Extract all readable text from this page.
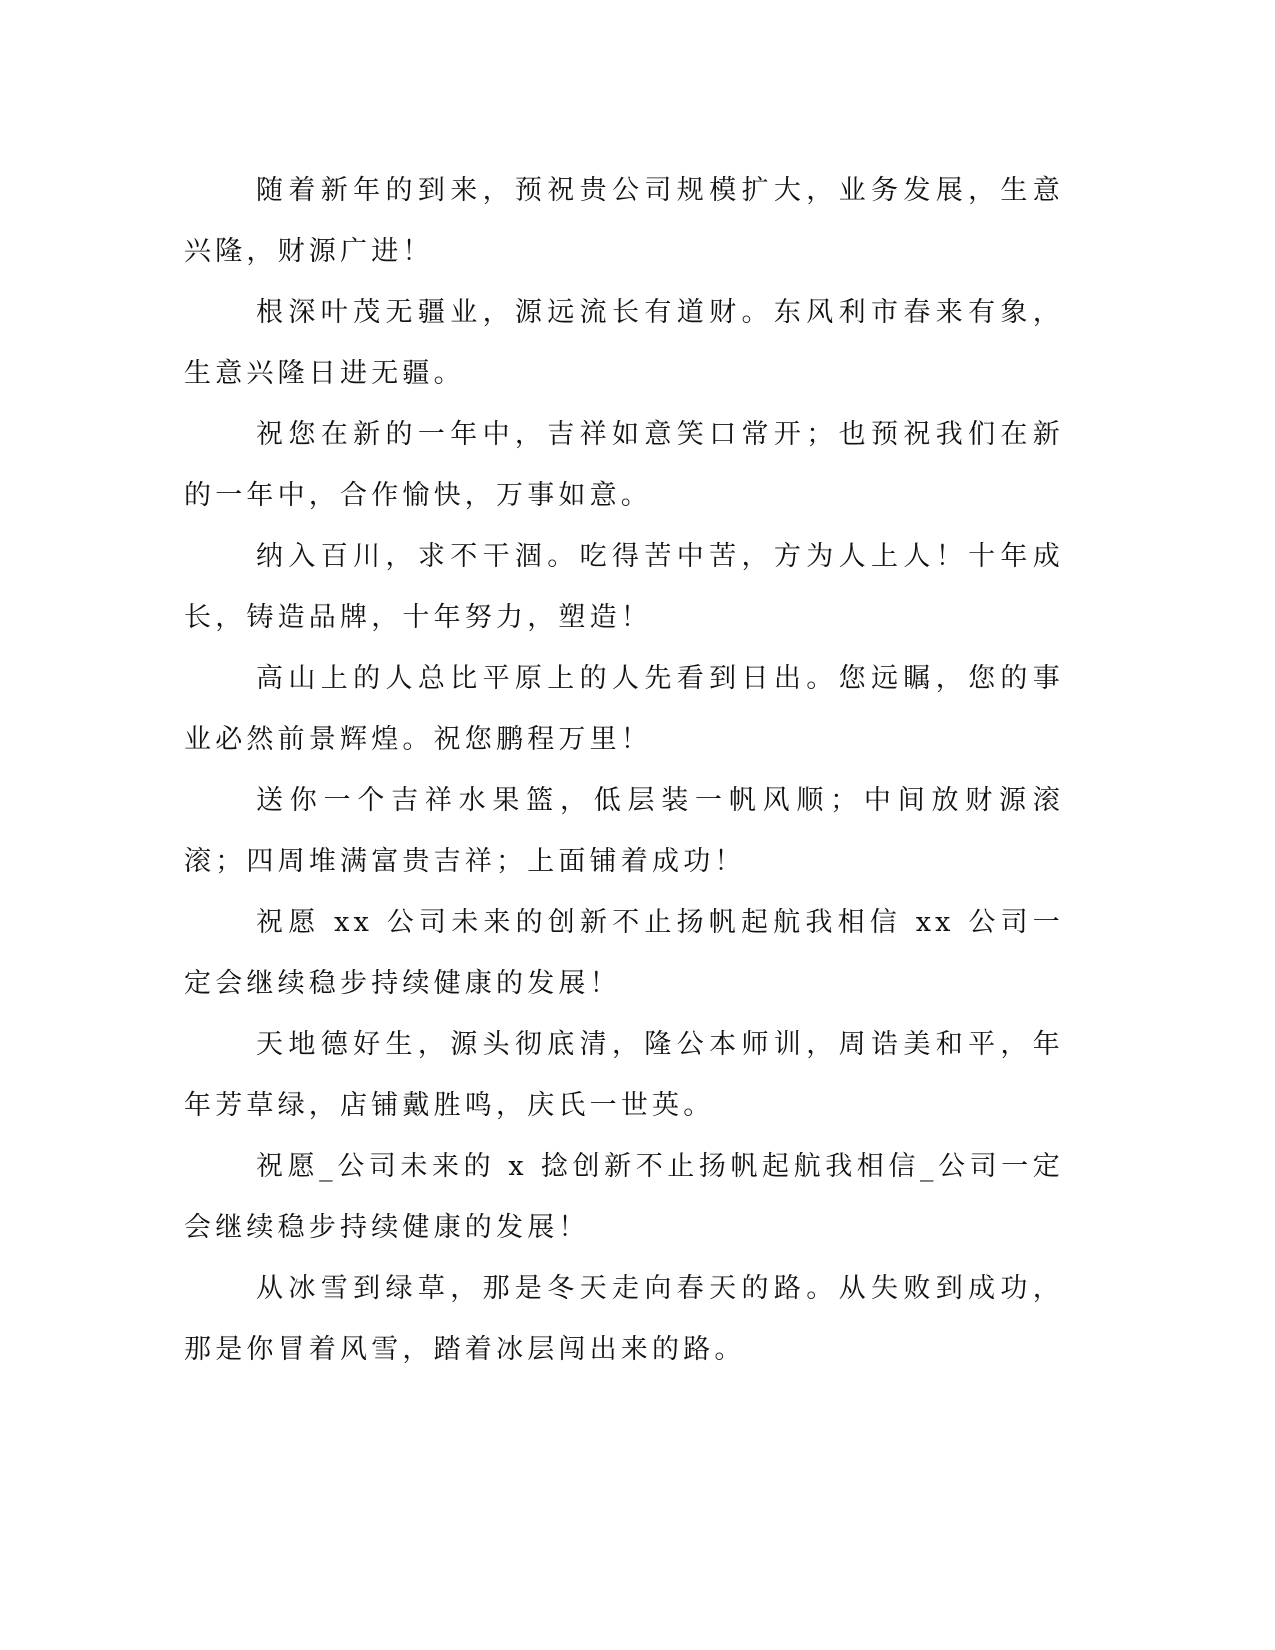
随着新年的到来，预祝贵公司规模扩大，业务发展，生意兴隆，财源广进！

根深叶茂无疆业，源远流长有道财。东风利市春来有象，生意兴隆日进无疆。

祝您在新的一年中，吉祥如意笑口常开；也预祝我们在新的一年中，合作愉快，万事如意。

纳入百川，求不干涸。吃得苦中苦，方为人上人！十年成长，铸造品牌，十年努力，塑造！

高山上的人总比平原上的人先看到日出。您远瞩，您的事业必然前景辉煌。祝您鹏程万里！

送你一个吉祥水果篮，低层装一帆风顺；中间放财源滚滚；四周堆满富贵吉祥；上面铺着成功！

祝愿 xx 公司未来的创新不止扬帆起航我相信 xx 公司一定会继续稳步持续健康的发展！

天地德好生，源头彻底清，隆公本师训，周诰美和平，年年芳草绿，店铺戴胜鸣，庆氏一世英。

祝愿_公司未来的 x 捻创新不止扬帆起航我相信_公司一定会继续稳步持续健康的发展！

从冰雪到绿草，那是冬天走向春天的路。从失败到成功，那是你冒着风雪，踏着冰层闯出来的路。
